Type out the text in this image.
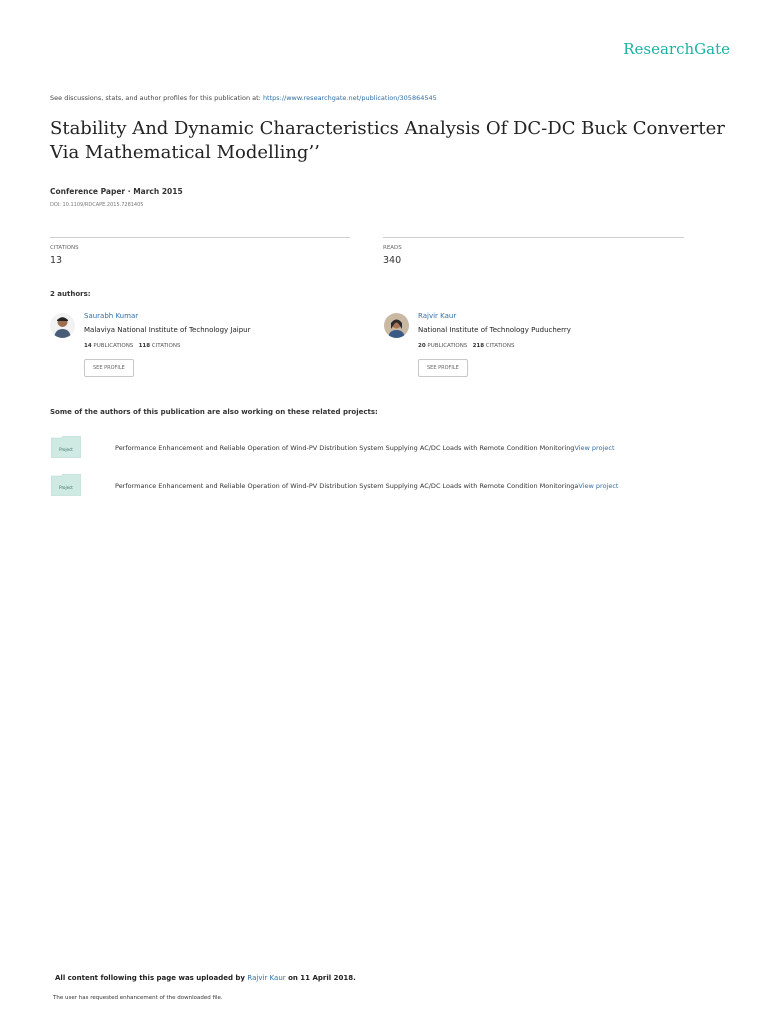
ResearchGate
See discussions, stats, and author profiles for this publication at: https://www.researchgate.net/publication/305864545
Stability And Dynamic Characteristics Analysis Of DC-DC Buck Converter Via Mathematical Modelling’’
Conference Paper · March 2015
DOI: 10.1109/RDCAPE.2015.7281405
CITATIONS
13
READS
340
2 authors:
Saurabh Kumar
Malaviya National Institute of Technology Jaipur
14 PUBLICATIONS 118 CITATIONS
SEE PROFILE
Rajvir Kaur
National Institute of Technology Puducherry
20 PUBLICATIONS 218 CITATIONS
SEE PROFILE
Some of the authors of this publication are also working on these related projects:
Project	Performance Enhancement and Reliable Operation of Wind-PV Distribution System Supplying AC/DC Loads with Remote Condition MonitoringView project
Project	Performance Enhancement and Reliable Operation of Wind-PV Distribution System Supplying AC/DC Loads with Remote Condition MonitoringaView project
All content following this page was uploaded by Rajvir Kaur on 11 April 2018.
The user has requested enhancement of the downloaded file.
